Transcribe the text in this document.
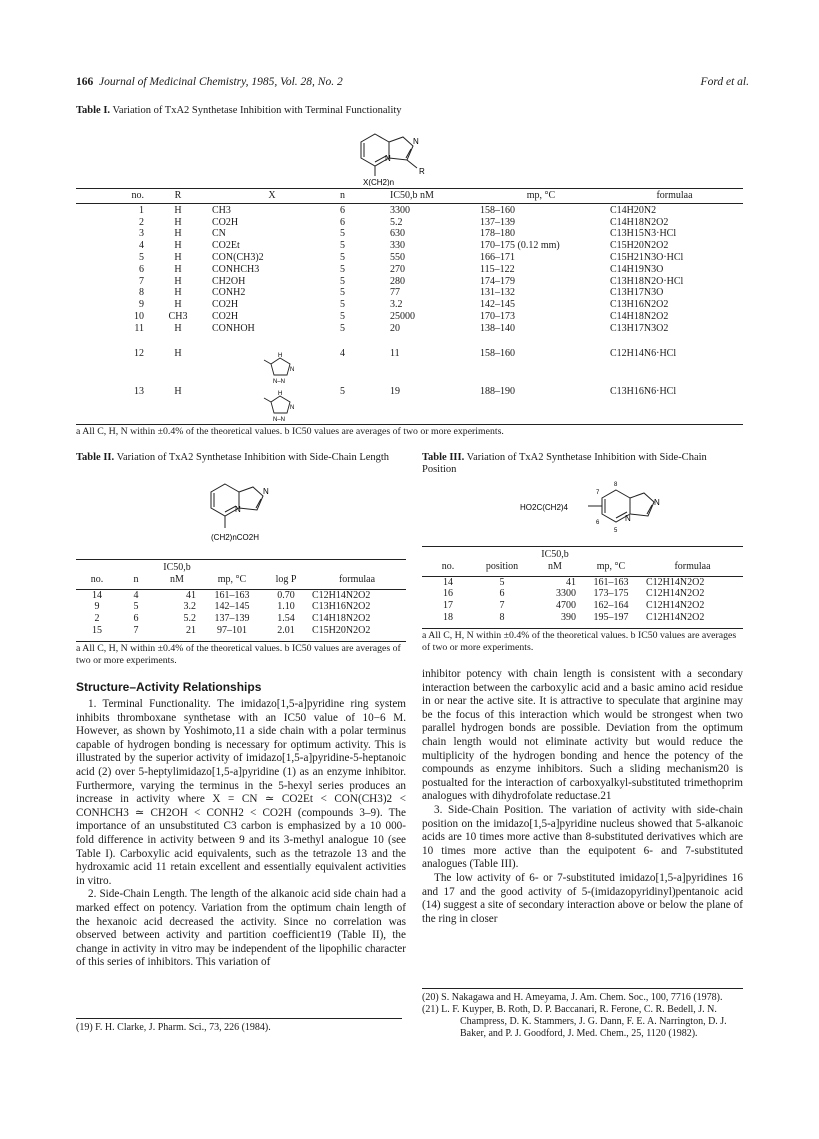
166 Journal of Medicinal Chemistry, 1985, Vol. 28, No. 2	Ford et al.
Table I. Variation of TxA2 Synthetase Inhibition with Terminal Functionality
N
N
R
X(CH2)n
no.	R	X	n	IC50,b nM	mp, °C	formulaa

1	H	CH3	6	3300	158–160	C14H20N2
2	H	CO2H	6	5.2	137–139	C14H18N2O2
3	H	CN	5	630	178–180	C13H15N3·HCl
4	H	CO2Et	5	330	170–175 (0.12 mm)	C15H20N2O2
5	H	CON(CH3)2	5	550	166–171	C15H21N3O·HCl
6	H	CONHCH3	5	270	115–122	C14H19N3O
7	H	CH2OH	5	280	174–179	C13H18N2O·HCl
8	H	CONH2	5	77	131–132	C13H17N3O
9	H	CO2H	5	3.2	142–145	C13H16N2O2
10	CH3	CO2H	5	25000	170–173	C14H18N2O2
11	H	CONHOH	5	20	138–140	C13H17N3O2
12	H		4	11	158–160	C12H14N6·HCl
13	H		5	19	188–190	C13H16N6·HCl
a All C, H, N within ±0.4% of the theoretical values. b IC50 values are averages of two or more experiments.
H
N
N–N
H
N
N–N
Table II. Variation of TxA2 Synthetase Inhibition with Side-Chain Length
N
N
(CH2)nCO2H
no.	n	IC50,b nM	mp, °C	log P	formulaa

14	4	41	161–163	0.70	C12H14N2O2
9	5	3.2	142–145	1.10	C13H16N2O2
2	6	5.2	137–139	1.54	C14H18N2O2
15	7	21	97–101	2.01	C15H20N2O2
a All C, H, N within ±0.4% of the theoretical values. b IC50 values are averages of two or more experiments.
Table III. Variation of TxA2 Synthetase Inhibition with Side-Chain Position
HO2C(CH2)4
N
N
8
7
6
5
no.	position	IC50,b nM	mp, °C	formulaa

14	5	41	161–163	C12H14N2O2
16	6	3300	173–175	C12H14N2O2
17	7	4700	162–164	C12H14N2O2
18	8	390	195–197	C12H14N2O2
a All C, H, N within ±0.4% of the theoretical values. b IC50 values are averages of two or more experiments.
Structure–Activity Relationships

1. Terminal Functionality. The imidazo[1,5-a]pyridine ring system inhibits thromboxane synthetase with an IC50 value of 10−6 M. However, as shown by Yoshimoto,11 a side chain with a polar terminus capable of hydrogen bonding is necessary for optimum activity. This is illustrated by the superior activity of imidazo[1,5-a]pyridine-5-heptanoic acid (2) over 5-heptylimidazo[1,5-a]pyridine (1) as an enzyme inhibitor. Furthermore, varying the terminus in the 5-hexyl series produces an increase in activity where X = CN ≃ CO2Et < CON(CH3)2 < CONHCH3 ≃ CH2OH < CONH2 < CO2H (compounds 3–9). The importance of an unsubstituted C3 carbon is emphasized by a 10 000-fold difference in activity between 9 and its 3-methyl analogue 10 (see Table I). Carboxylic acid equivalents, such as the tetrazole 13 and the hydroxamic acid 11 retain excellent and essentially equivalent activities in vitro.

2. Side-Chain Length. The length of the alkanoic acid side chain had a marked effect on potency. Variation from the optimum chain length of the hexanoic acid decreased the activity. Since no correlation was observed between activity and partition coefficient19 (Table II), the change in activity in vitro may be independent of the lipophilic character of this series of inhibitors. This variation of

(19) F. H. Clarke, J. Pharm. Sci., 73, 226 (1984).

inhibitor potency with chain length is consistent with a secondary interaction between the carboxylic acid and a basic amino acid residue in or near the active site. It is attractive to speculate that arginine may be the focus of this interaction which would be strongest when two parallel hydrogen bonds are possible. Deviation from the optimum chain length would not eliminate activity but would reduce the multiplicity of the hydrogen bonding and hence the potency of the compounds as enzyme inhibitors. Such a sliding mechanism20 is postualted for the interaction of carboxyalkyl-substituted trimethoprim analogues with dihydrofolate reductase.21

3. Side-Chain Position. The variation of activity with side-chain position on the imidazo[1,5-a]pyridine nucleus showed that 5-alkanoic acids are 10 times more active than 8-substituted derivatives which are 10 times more active than the equipotent 6- and 7-substituted analogues (Table III).

The low activity of 6- or 7-substituted imidazo[1,5-a]pyridines 16 and 17 and the good activity of 5-(imidazopyridinyl)pentanoic acid (14) suggest a site of secondary interaction above or below the plane of the ring in closer

(20) S. Nakagawa and H. Ameyama, J. Am. Chem. Soc., 100, 7716 (1978).
(21) L. F. Kuyper, B. Roth, D. P. Baccanari, R. Ferone, C. R. Bedell, J. N. Champress, D. K. Stammers, J. G. Dann, F. E. A. Narrington, D. J. Baker, and P. J. Goodford, J. Med. Chem., 25, 1120 (1982).
